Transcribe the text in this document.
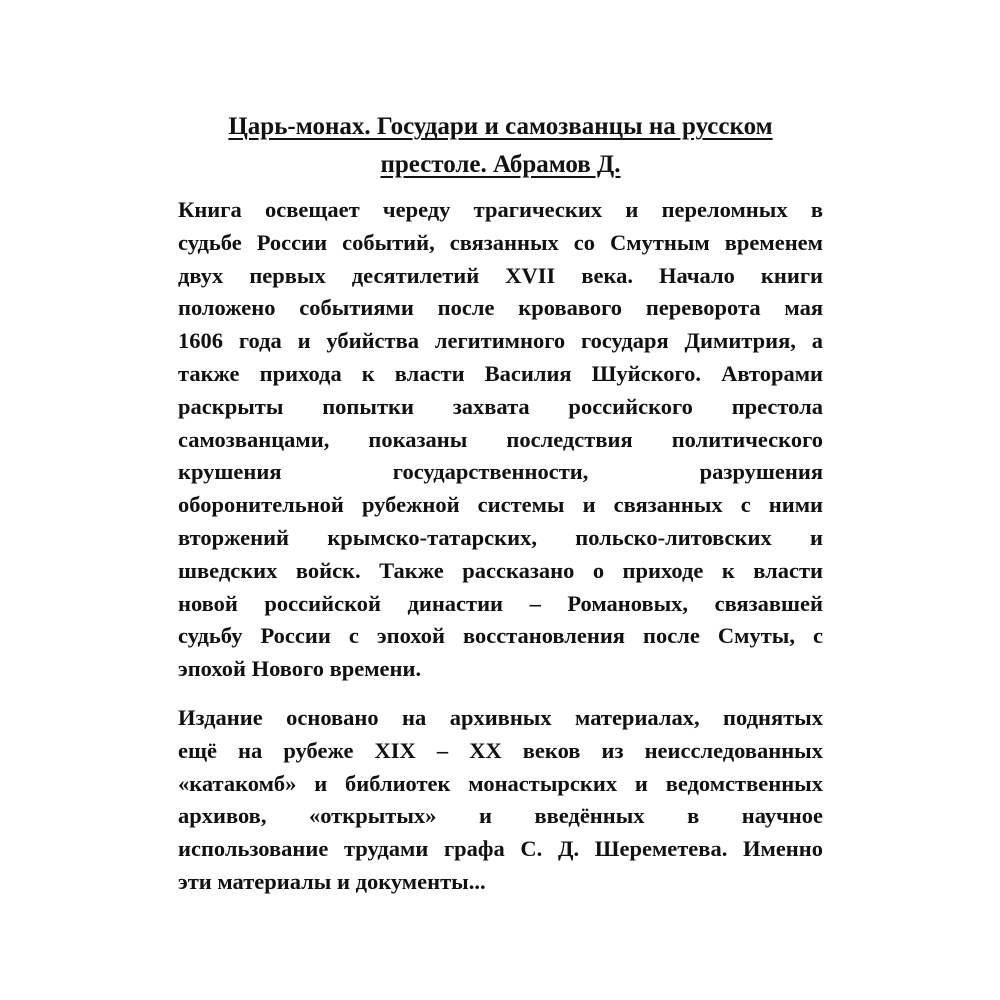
Царь-монах. Государи и самозванцы на русском
престоле. Абрамов Д.

Книга освещает череду трагических и переломных в
судьбе России событий, связанных со Смутным временем
двух первых десятилетий XVII века. Начало книги
положено событиями после кровавого переворота мая
1606 года и убийства легитимного государя Димитрия, а
также прихода к власти Василия Шуйского. Авторами
раскрыты попытки захвата российского престола
самозванцами, показаны последствия политического
крушения государственности, разрушения
оборонительной рубежной системы и связанных с ними
вторжений крымско-татарских, польско-литовских и
шведских войск. Также рассказано о приходе к власти
новой российской династии – Романовых, связавшей
судьбу России с эпохой восстановления после Смуты, с
эпохой Нового времени.

Издание основано на архивных материалах, поднятых
ещё на рубеже XIX – XX веков из неисследованных
«катакомб» и библиотек монастырских и ведомственных
архивов, «открытых» и введённых в научное
использование трудами графа С. Д. Шереметева. Именно
эти материалы и документы...
